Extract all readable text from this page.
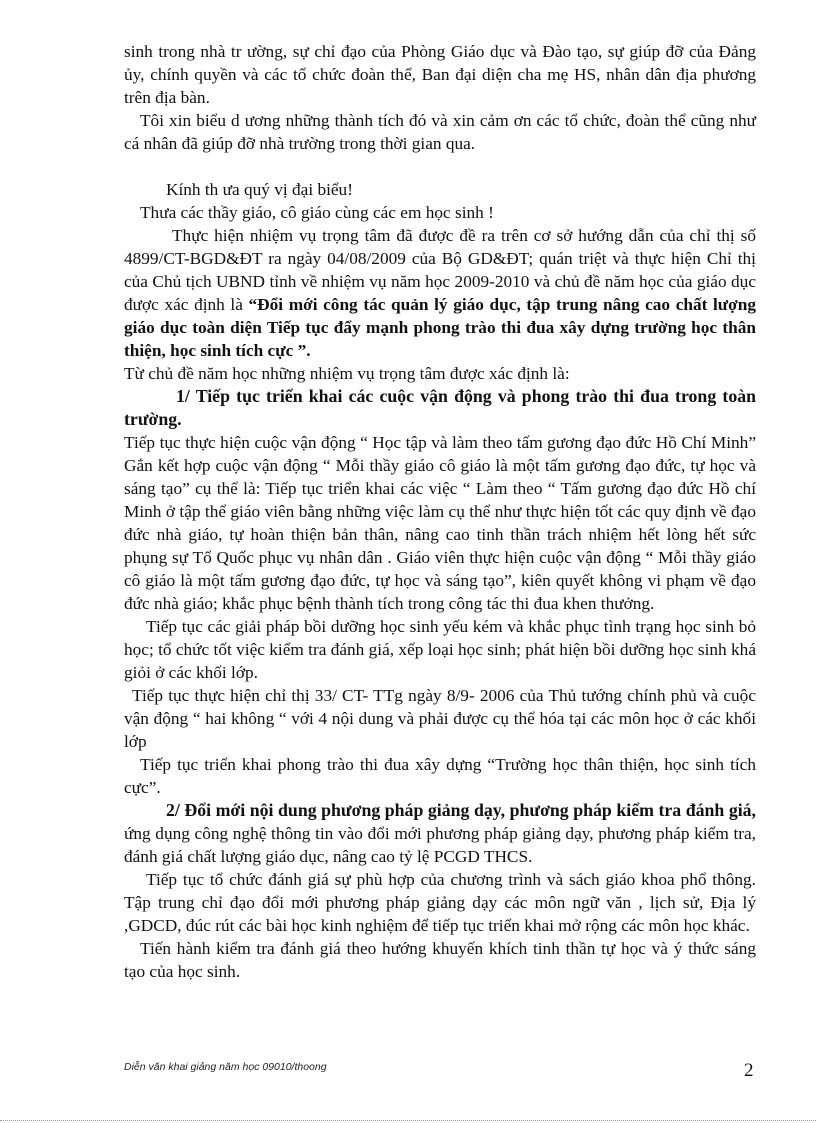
sinh trong nhà tr ường, sự chỉ đạo của Phòng Giáo dục và Đào tạo, sự giúp đỡ của Đảng ủy, chính quyền và các tổ chức đoàn thể, Ban đại diện cha mẹ HS, nhân dân địa phương trên địa bàn.

Tôi xin biểu d ương những thành tích đó và xin cảm ơn các tổ chức, đoàn thể cũng như cá nhân đã giúp đỡ nhà trường trong thời gian qua.

Kính th ưa quý vị đại biểu!

Thưa các thầy giáo, cô giáo cùng các em học sinh !

Thực hiện nhiệm vụ trọng tâm đã được đề ra trên cơ sở hướng dẫn của chỉ thị số 4899/CT-BGD&ĐT ra ngày 04/08/2009 của Bộ GD&ĐT; quán triệt và thực hiện Chỉ thị của Chủ tịch UBND tỉnh về nhiệm vụ năm học 2009-2010 và chủ đề năm học của giáo dục được xác định là “Đổi mới công tác quản lý giáo dục, tập trung nâng cao chất lượng giáo dục toàn diện Tiếp tục đẩy mạnh phong trào thi đua xây dựng trường học thân thiện, học sinh tích cực ”.

Từ chủ đề năm học những nhiệm vụ trọng tâm được xác định là:

1/ Tiếp tục triển khai các cuộc vận động và phong trào thi đua trong toàn trường.

Tiếp tục thực hiện cuộc vận động “ Học tập và làm theo tấm gương đạo đức Hồ Chí Minh” Gắn kết hợp cuộc vận động “ Mỗi thầy giáo cô giáo là một tấm gương đạo đức, tự học và sáng tạo” cụ thể là: Tiếp tục triển khai các việc “ Làm theo “ Tấm gương đạo đức Hồ chí Minh ở tập thể giáo viên bằng những việc làm cụ thể như thực hiện tốt các quy định về đạo đức nhà giáo, tự hoàn thiện bản thân, nâng cao tinh thần trách nhiệm hết lòng hết sức phụng sự Tổ Quốc phục vụ nhân dân . Giáo viên thực hiện cuộc vận động “ Mỗi thầy giáo cô giáo là một tấm gương đạo đức, tự học và sáng tạo”, kiên quyết không vi phạm về đạo đức nhà giáo; khắc phục bệnh thành tích trong công tác thi đua khen thưởng.

Tiếp tục các giải pháp bồi dưỡng học sinh yếu kém và khắc phục tình trạng học sinh bỏ học; tổ chức tốt việc kiểm tra đánh giá, xếp loại học sinh; phát hiện bồi dưỡng học sinh khá giỏi ở các khối lớp.

Tiếp tục thực hiện chỉ thị 33/ CT- TTg ngày 8/9- 2006 của Thủ tướng chính phủ và cuộc vận động “ hai không “ với 4 nội dung và phải được cụ thể hóa tại các môn học ở các khối lớp

Tiếp tục triển khai phong trào thi đua xây dựng “Trường học thân thiện, học sinh tích cực”.

2/ Đổi mới nội dung phương pháp giảng dạy, phương pháp kiểm tra đánh giá, ứng dụng công nghệ thông tin vào đổi mới phương pháp giảng dạy, phương pháp kiểm tra, đánh giá chất lượng giáo dục, nâng cao tỷ lệ PCGD THCS.

Tiếp tục tổ chức đánh giá sự phù hợp của chương trình và sách giáo khoa phổ thông. Tập trung chỉ đạo đổi mới phương pháp giảng dạy các môn ngữ văn , lịch sử, Địa lý ,GDCD, đúc rút các bài học kinh nghiệm để tiếp tục triển khai mở rộng các môn học khác.

Tiến hành kiểm tra đánh giá theo hướng khuyến khích tinh thần tự học và ý thức sáng tạo của học sinh.

Diễn văn khai giảng năm học 09010/thoong	2
